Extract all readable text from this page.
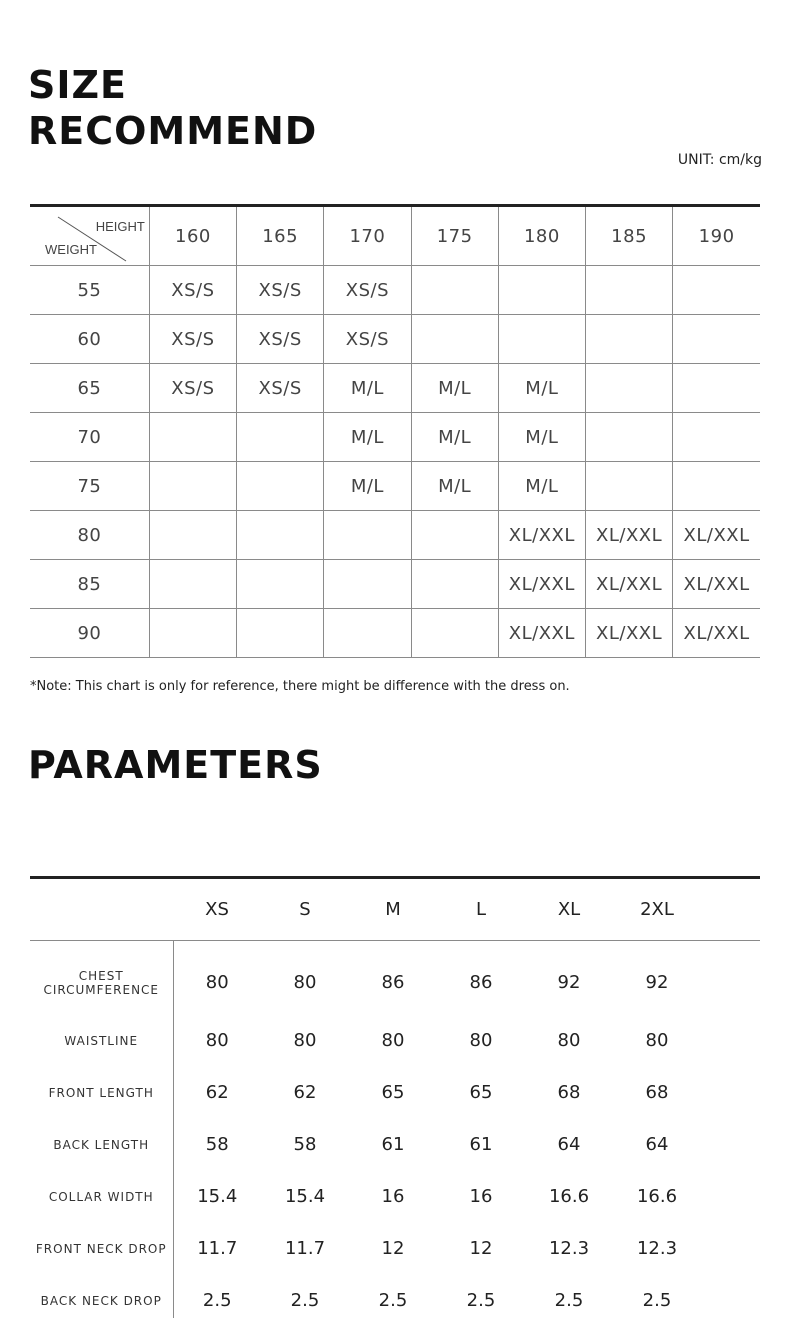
SIZE
RECOMMEND
UNIT: cm/kg
HEIGHT
WEIGHT	160	165	170	175	180	185	190
55	XS/S	XS/S	XS/S				
60	XS/S	XS/S	XS/S				
65	XS/S	XS/S	M/L	M/L	M/L		
70			M/L	M/L	M/L		
75			M/L	M/L	M/L		
80					XL/XXL	XL/XXL	XL/XXL
85					XL/XXL	XL/XXL	XL/XXL
90					XL/XXL	XL/XXL	XL/XXL
*Note: This chart is only for reference, there might be difference with the dress on.
PARAMETERS
	XS	S	M	L	XL	2XL	

CHEST
CIRCUMFERENCE	80	80	86	86	92	92	

WAISTLINE	80	80	80	80	80	80	

FRONT LENGTH	62	62	65	65	68	68	

BACK LENGTH	58	58	61	61	64	64	

COLLAR WIDTH	15.4	15.4	16	16	16.6	16.6	

FRONT NECK DROP	11.7	11.7	12	12	12.3	12.3	

BACK NECK DROP	2.5	2.5	2.5	2.5	2.5	2.5	
